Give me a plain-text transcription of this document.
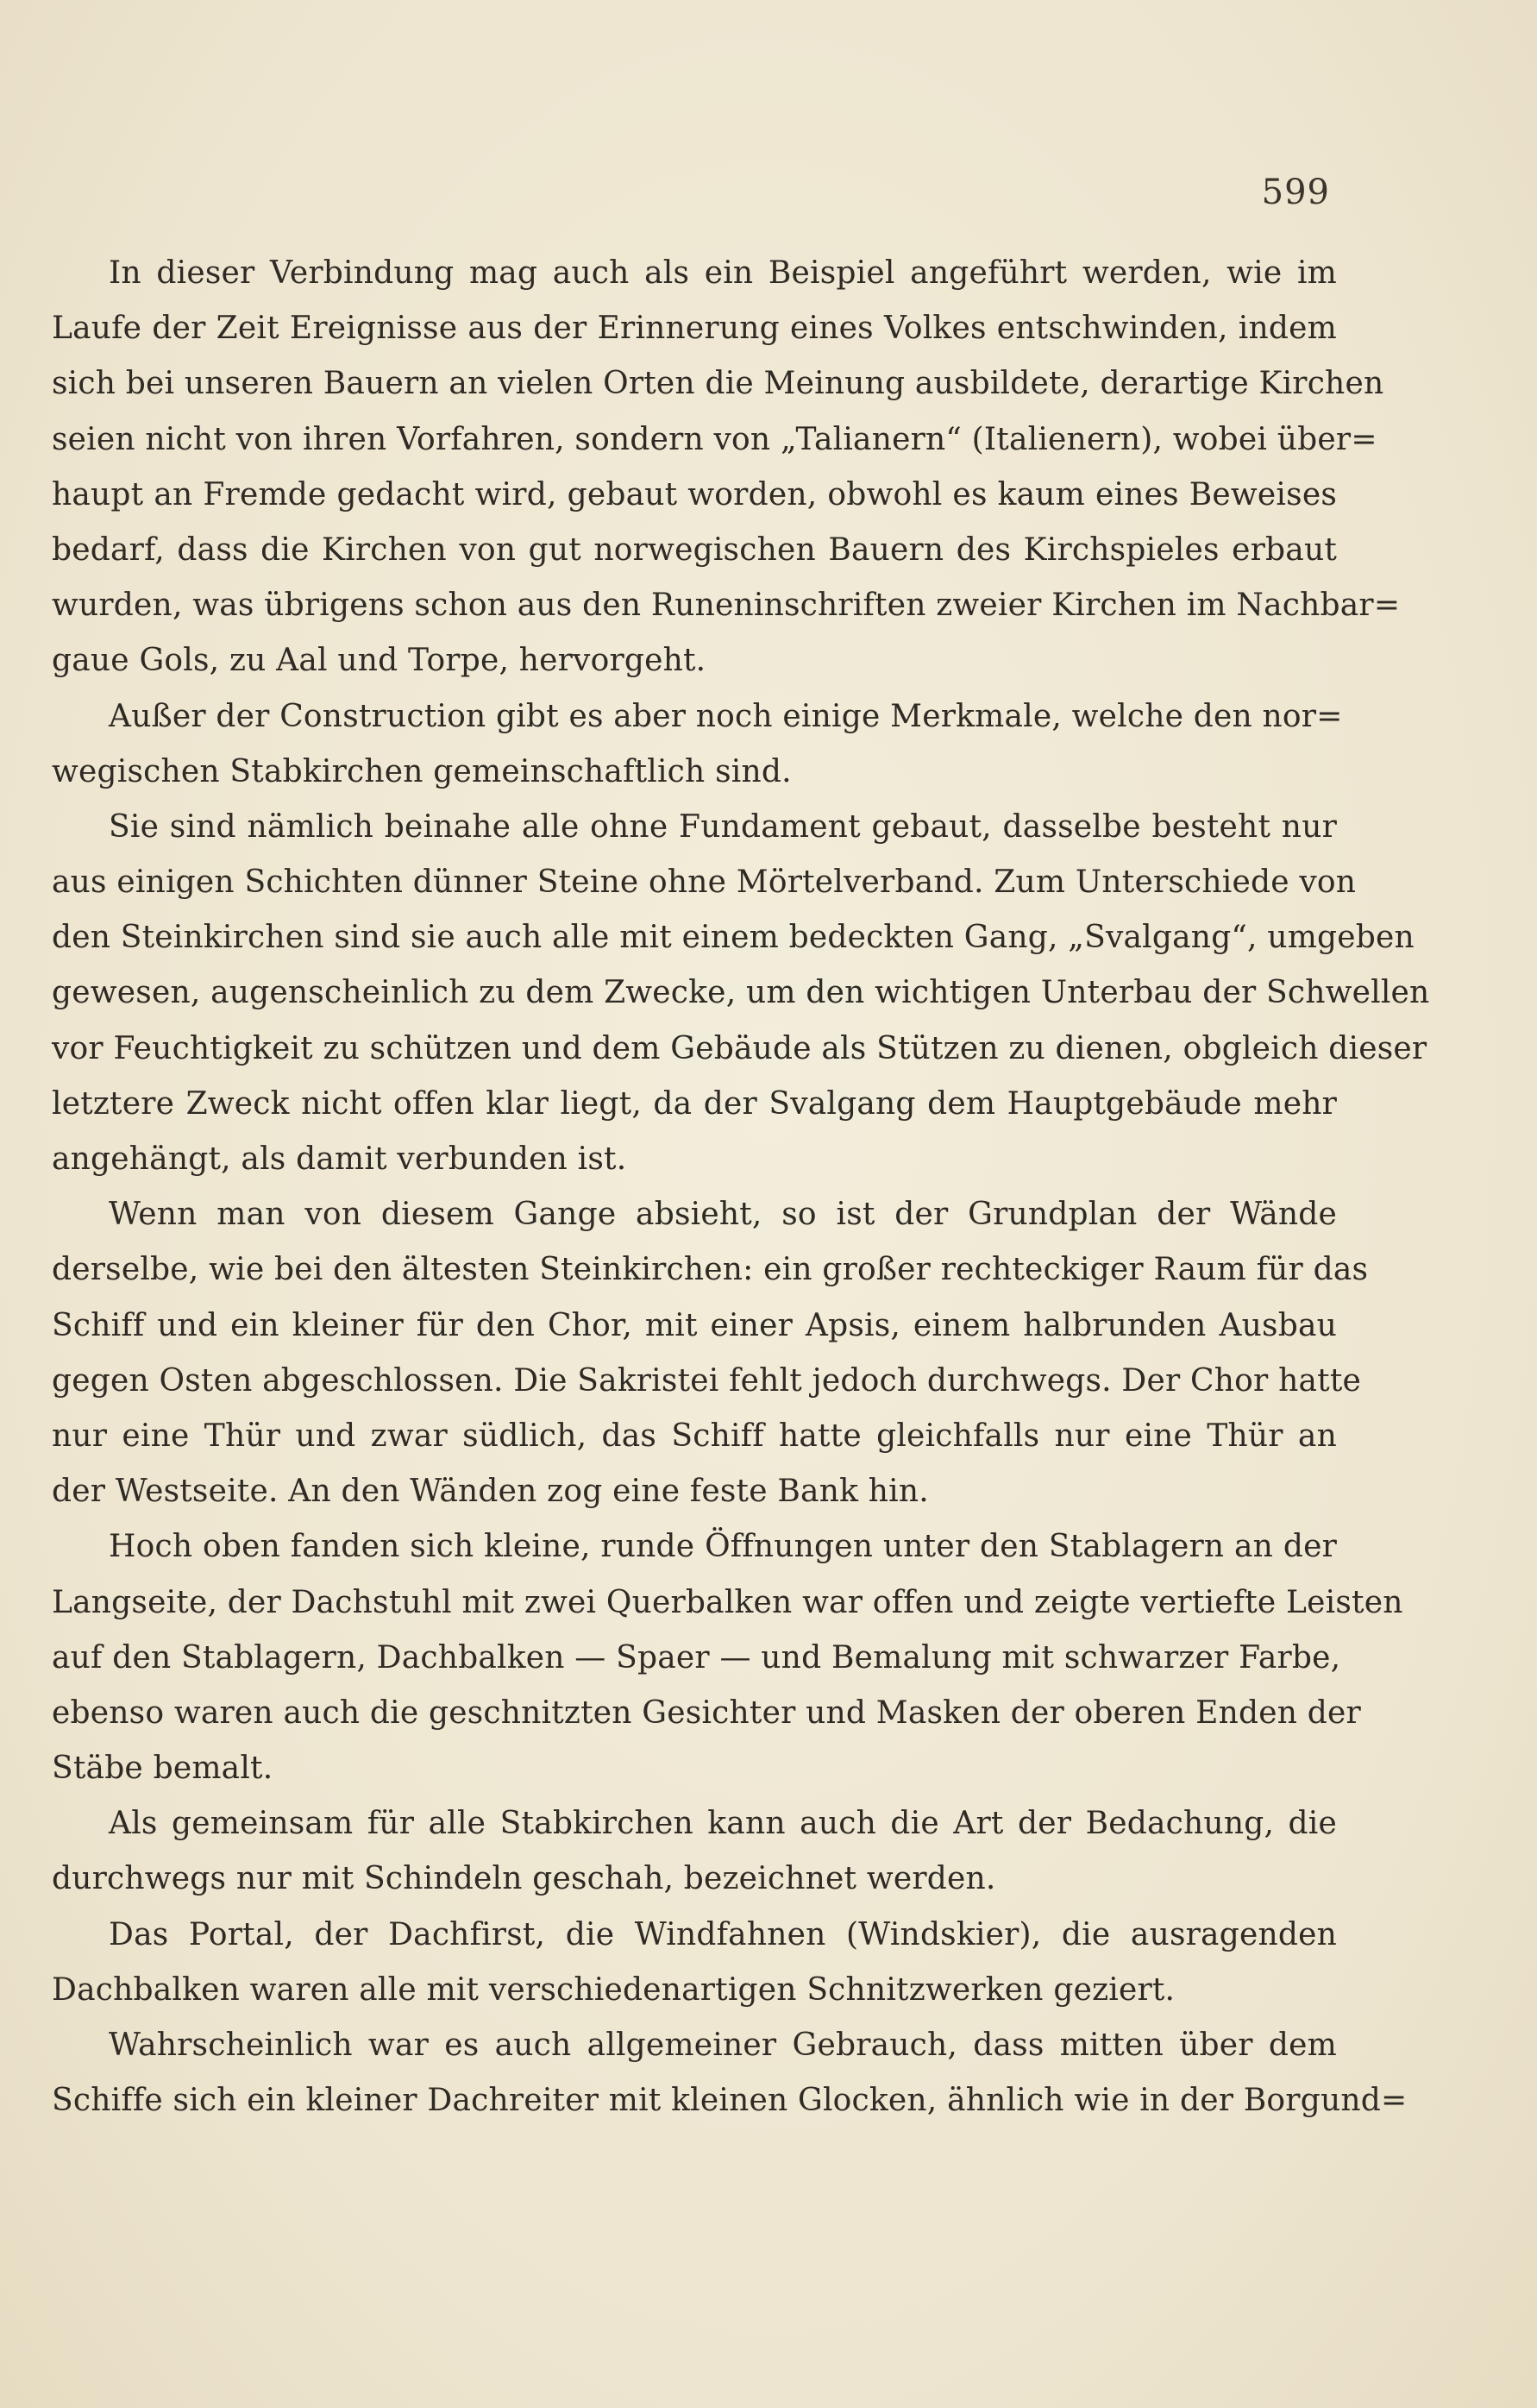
599
In dieser Verbindung mag auch als ein Beispiel angeführt werden, wie im
Laufe der Zeit Ereignisse aus der Erinnerung eines Volkes entschwinden, indem
sich bei unseren Bauern an vielen Orten die Meinung ausbildete, derartige Kirchen
seien nicht von ihren Vorfahren, sondern von „Talianern“ (Italienern), wobei über=
haupt an Fremde gedacht wird, gebaut worden, obwohl es kaum eines Beweises
bedarf, dass die Kirchen von gut norwegischen Bauern des Kirchspieles erbaut
wurden, was übrigens schon aus den Runeninschriften zweier Kirchen im Nachbar=
gaue Gols, zu Aal und Torpe, hervorgeht.
Außer der Construction gibt es aber noch einige Merkmale, welche den nor=
wegischen Stabkirchen gemeinschaftlich sind.
Sie sind nämlich beinahe alle ohne Fundament gebaut, dasselbe besteht nur
aus einigen Schichten dünner Steine ohne Mörtelverband. Zum Unterschiede von
den Steinkirchen sind sie auch alle mit einem bedeckten Gang, „Svalgang“, umgeben
gewesen, augenscheinlich zu dem Zwecke, um den wichtigen Unterbau der Schwellen
vor Feuchtigkeit zu schützen und dem Gebäude als Stützen zu dienen, obgleich dieser
letztere Zweck nicht offen klar liegt, da der Svalgang dem Hauptgebäude mehr
angehängt, als damit verbunden ist.
Wenn man von diesem Gange absieht, so ist der Grundplan der Wände
derselbe, wie bei den ältesten Steinkirchen: ein großer rechteckiger Raum für das
Schiff und ein kleiner für den Chor, mit einer Apsis, einem halbrunden Ausbau
gegen Osten abgeschlossen. Die Sakristei fehlt jedoch durchwegs. Der Chor hatte
nur eine Thür und zwar südlich, das Schiff hatte gleichfalls nur eine Thür an
der Westseite. An den Wänden zog eine feste Bank hin.
Hoch oben fanden sich kleine, runde Öffnungen unter den Stablagern an der
Langseite, der Dachstuhl mit zwei Querbalken war offen und zeigte vertiefte Leisten
auf den Stablagern, Dachbalken — Spaer — und Bemalung mit schwarzer Farbe,
ebenso waren auch die geschnitzten Gesichter und Masken der oberen Enden der
Stäbe bemalt.
Als gemeinsam für alle Stabkirchen kann auch die Art der Bedachung, die
durchwegs nur mit Schindeln geschah, bezeichnet werden.
Das Portal, der Dachfirst, die Windfahnen (Windskier), die ausragenden
Dachbalken waren alle mit verschiedenartigen Schnitzwerken geziert.
Wahrscheinlich war es auch allgemeiner Gebrauch, dass mitten über dem
Schiffe sich ein kleiner Dachreiter mit kleinen Glocken, ähnlich wie in der Borgund=
